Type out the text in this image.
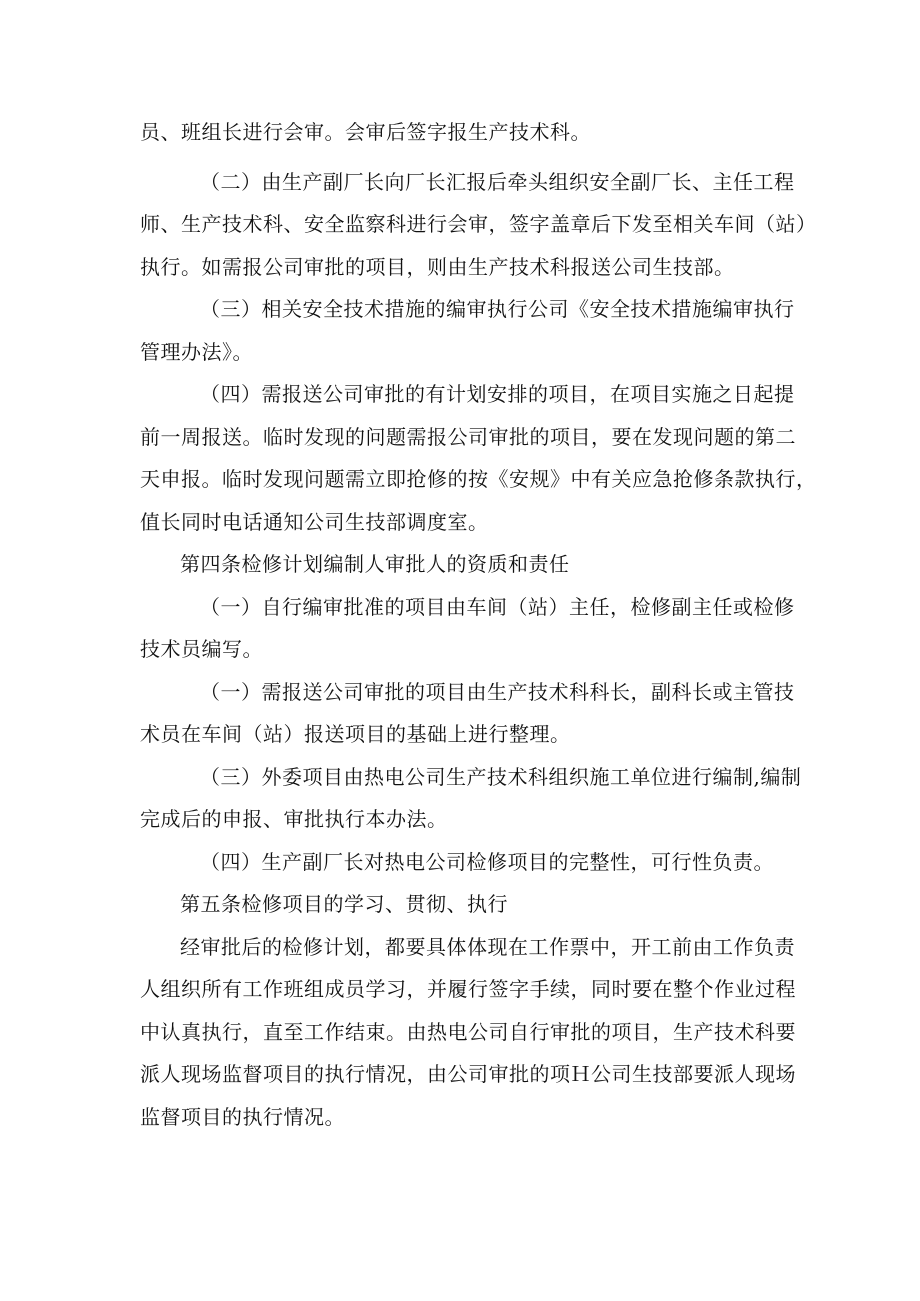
员、班组长进行会审。会审后签字报生产技术科。
（二）由生产副厂长向厂长汇报后牵头组织安全副厂长、主任工程
师、生产技术科、安全监察科进行会审，签字盖章后下发至相关车间（站）
执行。如需报公司审批的项目，则由生产技术科报送公司生技部。
（三）相关安全技术措施的编审执行公司《安全技术措施编审执行
管理办法》。
（四）需报送公司审批的有计划安排的项目，在项目实施之日起提
前一周报送。临时发现的问题需报公司审批的项目，要在发现问题的第二
天申报。临时发现问题需立即抢修的按《安规》中有关应急抢修条款执行，
值长同时电话通知公司生技部调度室。
第四条检修计划编制人审批人的资质和责任
（一）自行编审批准的项目由车间（站）主任，检修副主任或检修
技术员编写。
（一）需报送公司审批的项目由生产技术科科长，副科长或主管技
术员在车间（站）报送项目的基础上进行整理。
（三）外委项目由热电公司生产技术科组织施工单位进行编制,编制
完成后的申报、审批执行本办法。
（四）生产副厂长对热电公司检修项目的完整性，可行性负责。
第五条检修项目的学习、贯彻、执行
经审批后的检修计划，都要具体体现在工作票中，开工前由工作负责
人组织所有工作班组成员学习，并履行签字手续，同时要在整个作业过程
中认真执行，直至工作结束。由热电公司自行审批的项目，生产技术科要
派人现场监督项目的执行情况，由公司审批的项Ｈ公司生技部要派人现场
监督项目的执行情况。
